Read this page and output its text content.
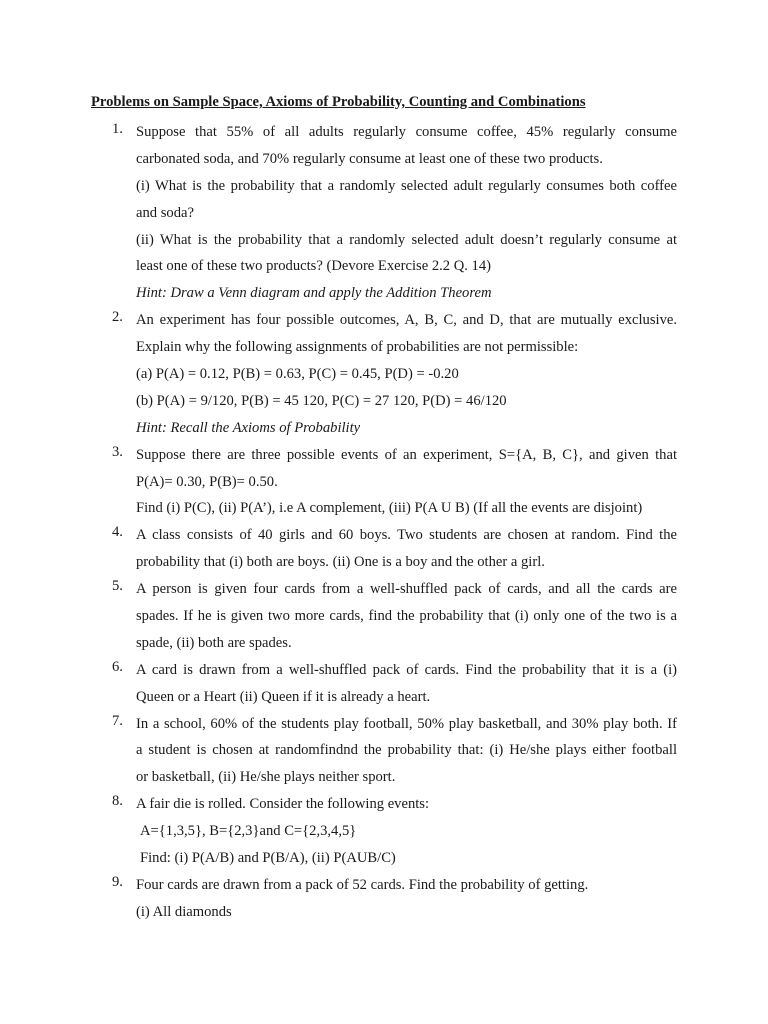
Problems on Sample Space, Axioms of Probability, Counting and Combinations
1. Suppose that 55% of all adults regularly consume coffee, 45% regularly consume
carbonated soda, and 70% regularly consume at least one of these two products.
(i) What is the probability that a randomly selected adult regularly consumes both coffee
and soda?
(ii) What is the probability that a randomly selected adult doesn’t regularly consume at
least one of these two products? (Devore Exercise 2.2 Q. 14)
Hint: Draw a Venn diagram and apply the Addition Theorem
2. An experiment has four possible outcomes, A, B, C, and D, that are mutually exclusive.
Explain why the following assignments of probabilities are not permissible:
(a) P(A) = 0.12, P(B) = 0.63, P(C) = 0.45, P(D) = -0.20
(b) P(A) = 9/120, P(B) = 45 120, P(C) = 27 120, P(D) = 46/120
Hint: Recall the Axioms of Probability
3. Suppose there are three possible events of an experiment, S={A, B, C}, and given that
P(A)= 0.30, P(B)= 0.50.
Find (i) P(C), (ii) P(A’), i.e A complement, (iii) P(A U B) (If all the events are disjoint)
4. A class consists of 40 girls and 60 boys. Two students are chosen at random. Find the
probability that (i) both are boys. (ii) One is a boy and the other a girl.
5. A person is given four cards from a well-shuffled pack of cards, and all the cards are
spades. If he is given two more cards, find the probability that (i) only one of the two is a
spade, (ii) both are spades.
6. A card is drawn from a well-shuffled pack of cards. Find the probability that it is a (i)
Queen or a Heart (ii) Queen if it is already a heart.
7. In a school, 60% of the students play football, 50% play basketball, and 30% play both. If
a student is chosen at randomfindnd the probability that: (i) He/she plays either football
or basketball, (ii) He/she plays neither sport.
8. A fair die is rolled. Consider the following events:
A={1,3,5}, B={2,3}and C={2,3,4,5}
Find: (i) P(A/B) and P(B/A), (ii) P(AUB/C)
9. Four cards are drawn from a pack of 52 cards. Find the probability of getting.
(i) All diamonds
